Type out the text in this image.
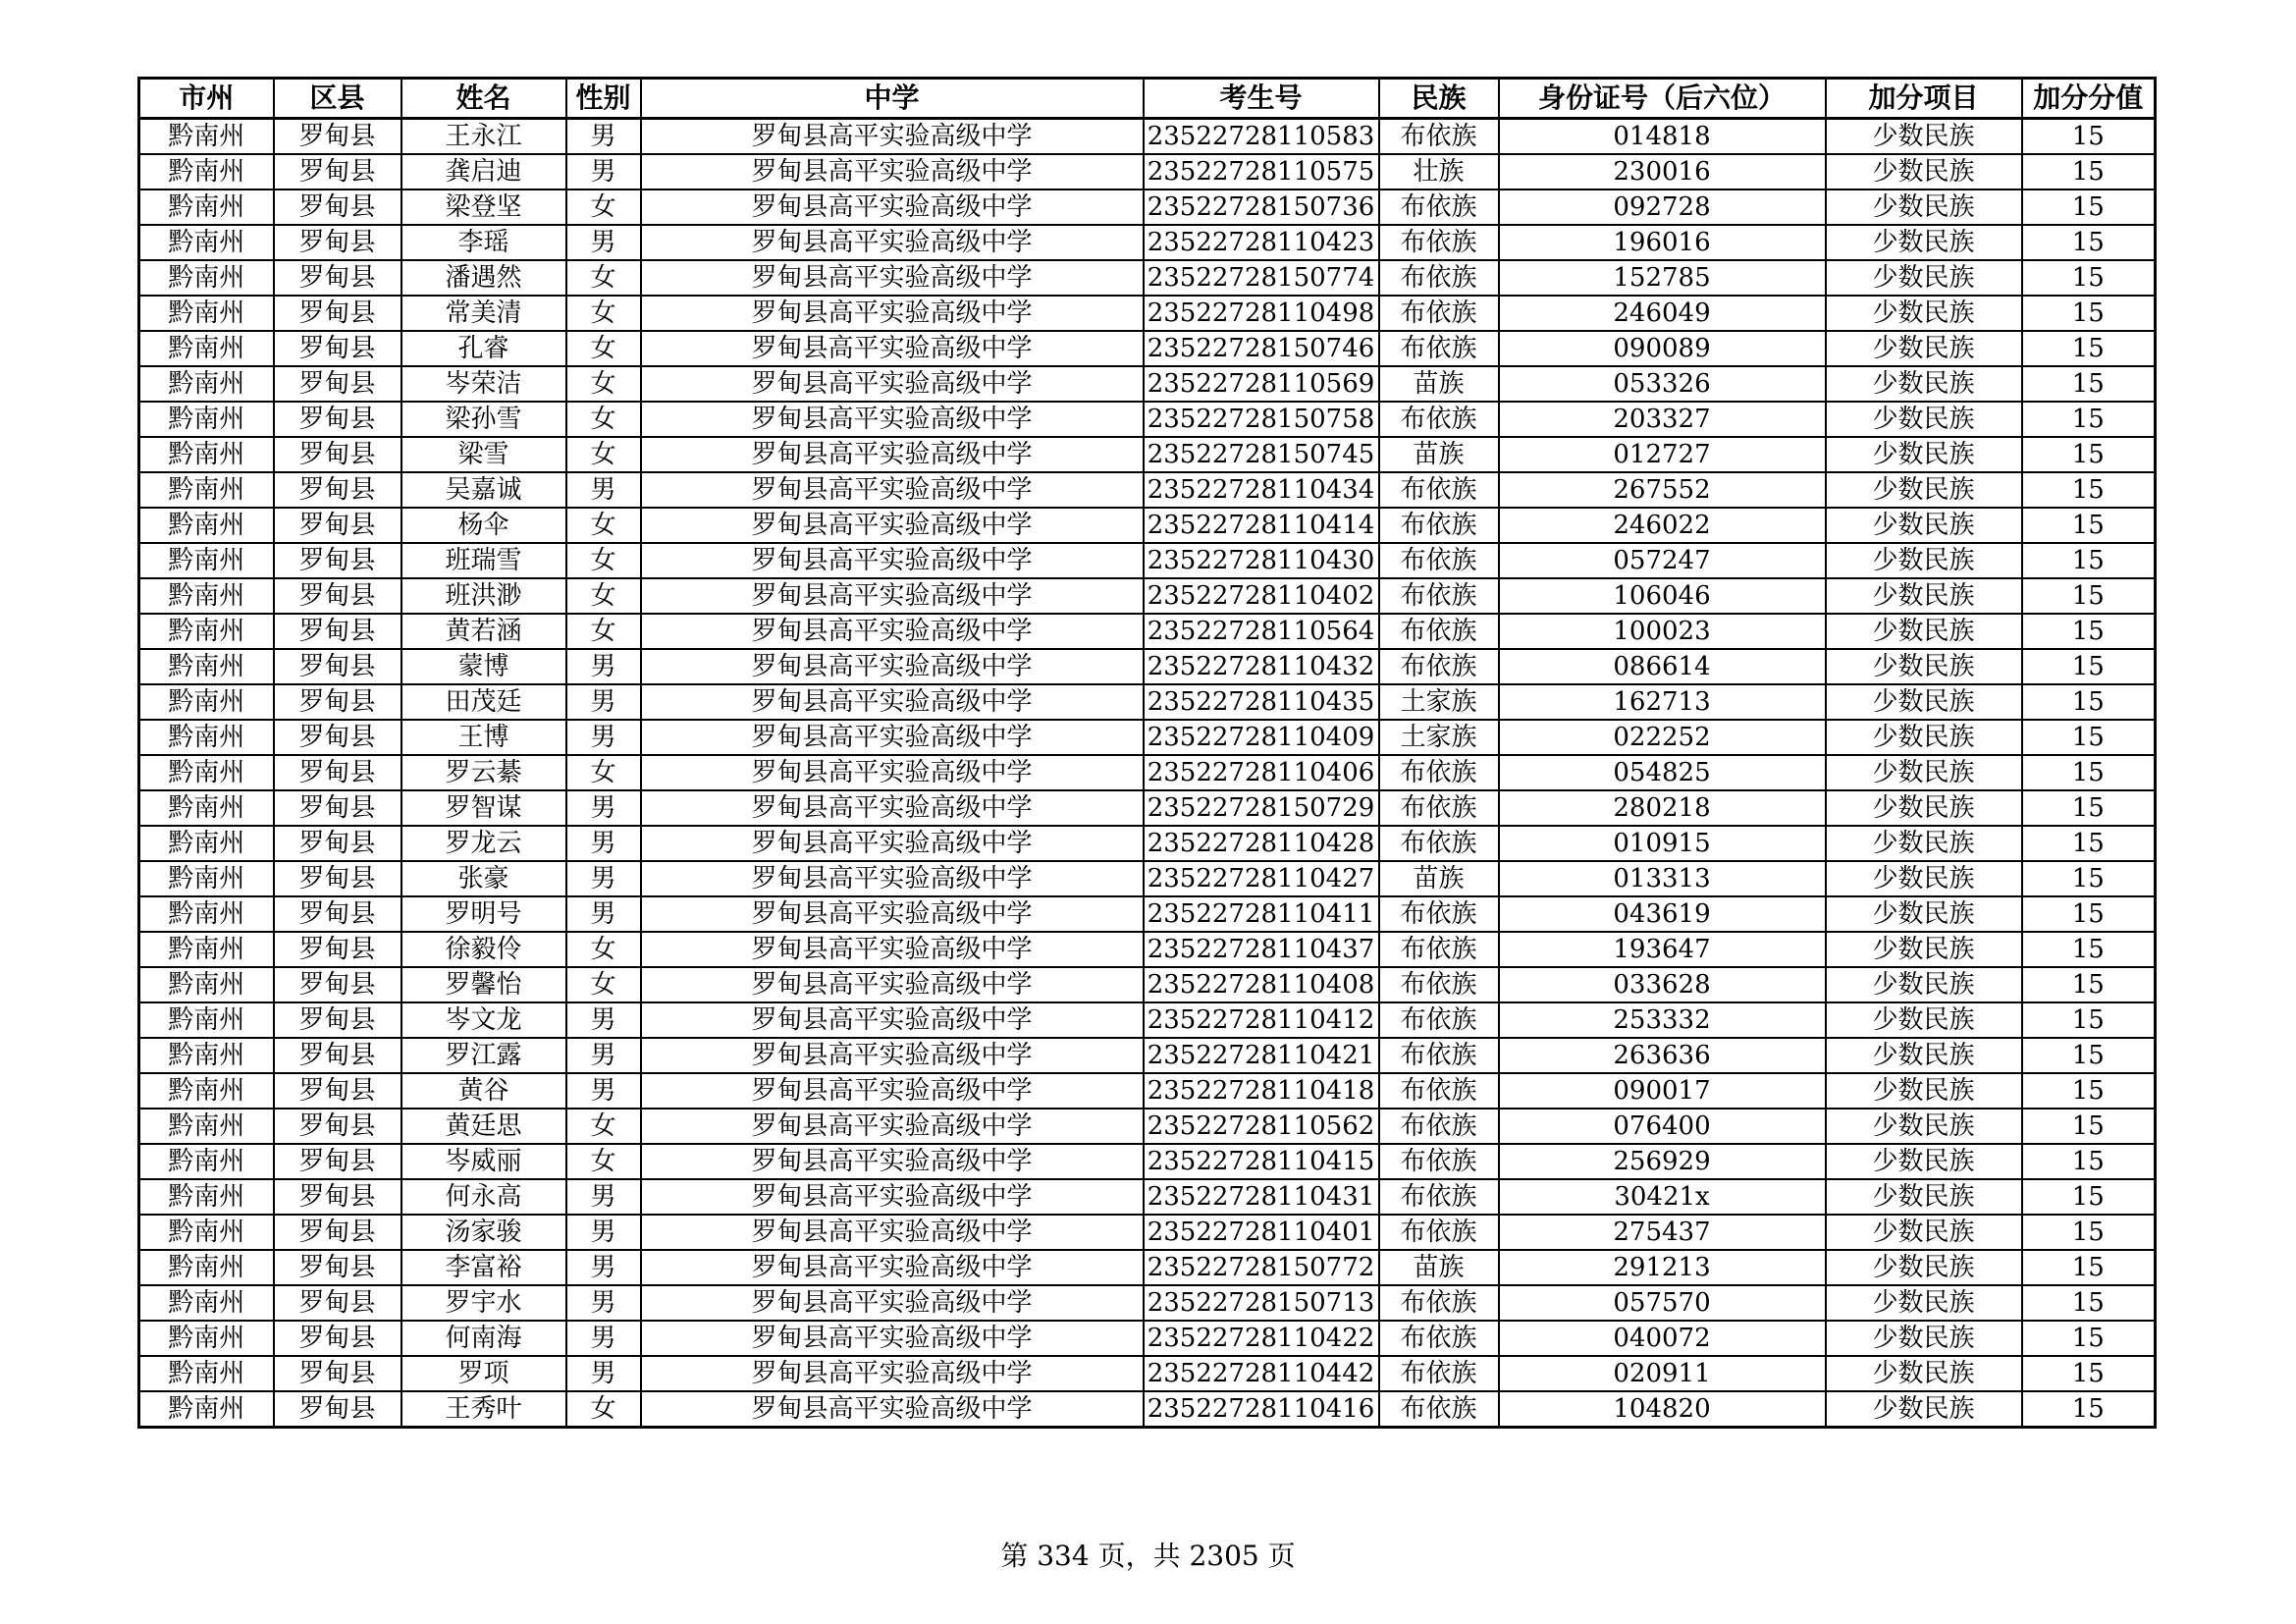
市州	区县	姓名	性别	中学	考生号	民族	身份证号（后六位）	加分项目	加分分值
黔南州	罗甸县	王永江	男	罗甸县高平实验高级中学	23522728110583	布依族	014818	少数民族	15
黔南州	罗甸县	龚启迪	男	罗甸县高平实验高级中学	23522728110575	壮族	230016	少数民族	15
黔南州	罗甸县	梁登坚	女	罗甸县高平实验高级中学	23522728150736	布依族	092728	少数民族	15
黔南州	罗甸县	李瑶	男	罗甸县高平实验高级中学	23522728110423	布依族	196016	少数民族	15
黔南州	罗甸县	潘遇然	女	罗甸县高平实验高级中学	23522728150774	布依族	152785	少数民族	15
黔南州	罗甸县	常美清	女	罗甸县高平实验高级中学	23522728110498	布依族	246049	少数民族	15
黔南州	罗甸县	孔睿	女	罗甸县高平实验高级中学	23522728150746	布依族	090089	少数民族	15
黔南州	罗甸县	岑荣洁	女	罗甸县高平实验高级中学	23522728110569	苗族	053326	少数民族	15
黔南州	罗甸县	梁孙雪	女	罗甸县高平实验高级中学	23522728150758	布依族	203327	少数民族	15
黔南州	罗甸县	梁雪	女	罗甸县高平实验高级中学	23522728150745	苗族	012727	少数民族	15
黔南州	罗甸县	吴嘉诚	男	罗甸县高平实验高级中学	23522728110434	布依族	267552	少数民族	15
黔南州	罗甸县	杨伞	女	罗甸县高平实验高级中学	23522728110414	布依族	246022	少数民族	15
黔南州	罗甸县	班瑞雪	女	罗甸县高平实验高级中学	23522728110430	布依族	057247	少数民族	15
黔南州	罗甸县	班洪渺	女	罗甸县高平实验高级中学	23522728110402	布依族	106046	少数民族	15
黔南州	罗甸县	黄若涵	女	罗甸县高平实验高级中学	23522728110564	布依族	100023	少数民族	15
黔南州	罗甸县	蒙博	男	罗甸县高平实验高级中学	23522728110432	布依族	086614	少数民族	15
黔南州	罗甸县	田茂廷	男	罗甸县高平实验高级中学	23522728110435	土家族	162713	少数民族	15
黔南州	罗甸县	王博	男	罗甸县高平实验高级中学	23522728110409	土家族	022252	少数民族	15
黔南州	罗甸县	罗云綦	女	罗甸县高平实验高级中学	23522728110406	布依族	054825	少数民族	15
黔南州	罗甸县	罗智谋	男	罗甸县高平实验高级中学	23522728150729	布依族	280218	少数民族	15
黔南州	罗甸县	罗龙云	男	罗甸县高平实验高级中学	23522728110428	布依族	010915	少数民族	15
黔南州	罗甸县	张豪	男	罗甸县高平实验高级中学	23522728110427	苗族	013313	少数民族	15
黔南州	罗甸县	罗明号	男	罗甸县高平实验高级中学	23522728110411	布依族	043619	少数民族	15
黔南州	罗甸县	徐毅伶	女	罗甸县高平实验高级中学	23522728110437	布依族	193647	少数民族	15
黔南州	罗甸县	罗馨怡	女	罗甸县高平实验高级中学	23522728110408	布依族	033628	少数民族	15
黔南州	罗甸县	岑文龙	男	罗甸县高平实验高级中学	23522728110412	布依族	253332	少数民族	15
黔南州	罗甸县	罗江露	男	罗甸县高平实验高级中学	23522728110421	布依族	263636	少数民族	15
黔南州	罗甸县	黄谷	男	罗甸县高平实验高级中学	23522728110418	布依族	090017	少数民族	15
黔南州	罗甸县	黄廷思	女	罗甸县高平实验高级中学	23522728110562	布依族	076400	少数民族	15
黔南州	罗甸县	岑威丽	女	罗甸县高平实验高级中学	23522728110415	布依族	256929	少数民族	15
黔南州	罗甸县	何永高	男	罗甸县高平实验高级中学	23522728110431	布依族	30421x	少数民族	15
黔南州	罗甸县	汤家骏	男	罗甸县高平实验高级中学	23522728110401	布依族	275437	少数民族	15
黔南州	罗甸县	李富裕	男	罗甸县高平实验高级中学	23522728150772	苗族	291213	少数民族	15
黔南州	罗甸县	罗宇水	男	罗甸县高平实验高级中学	23522728150713	布依族	057570	少数民族	15
黔南州	罗甸县	何南海	男	罗甸县高平实验高级中学	23522728110422	布依族	040072	少数民族	15
黔南州	罗甸县	罗项	男	罗甸县高平实验高级中学	23522728110442	布依族	020911	少数民族	15
黔南州	罗甸县	王秀叶	女	罗甸县高平实验高级中学	23522728110416	布依族	104820	少数民族	15
第 334 页，共 2305 页
